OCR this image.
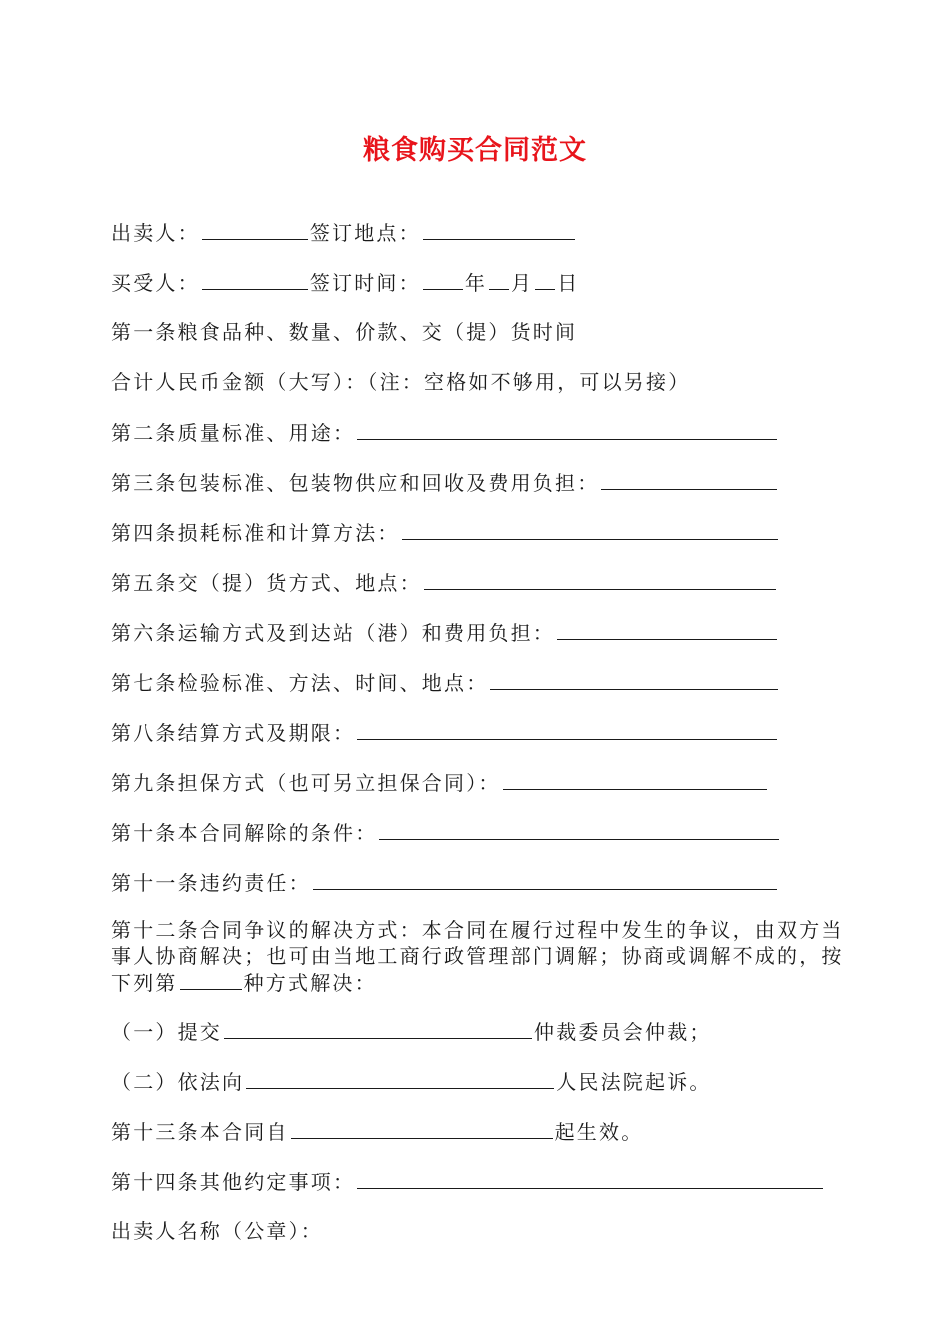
粮食购买合同范文
出卖人：	签订地点：
买受人：	签订时间： 年 月 日
第一条粮食品种、数量、价款、交（提）货时间
合计人民币金额（大写）：（注：空格如不够用，可以另接）
第二条质量标准、用途：
第三条包装标准、包装物供应和回收及费用负担：
第四条损耗标准和计算方法：
第五条交（提）货方式、地点：
第六条运输方式及到达站（港）和费用负担：
第七条检验标准、方法、时间、地点：
第八条结算方式及期限：
第九条担保方式（也可另立担保合同）：
第十条本合同解除的条件：
第十一条违约责任：
第十二条合同争议的解决方式：本合同在履行过程中发生的争议，由双方当事人协商解决；也可由当地工商行政管理部门调解；协商或调解不成的，按下列第	种方式解决：
（一）提交	仲裁委员会仲裁；
（二）依法向	人民法院起诉。
第十三条本合同自	起生效。
第十四条其他约定事项：
出卖人名称（公章）：
